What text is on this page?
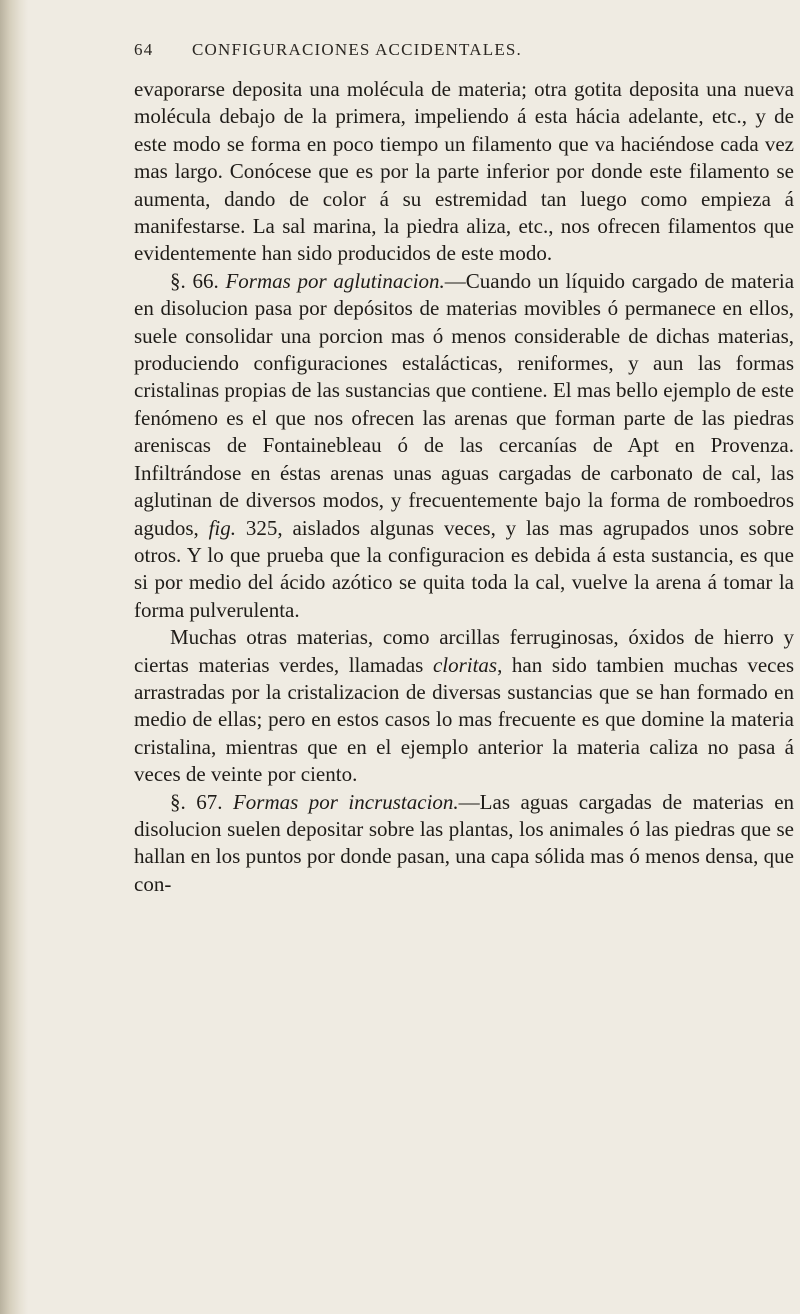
64	CONFIGURACIONES ACCIDENTALES.

evaporarse deposita una molécula de materia; otra gotita deposita una nueva molécula debajo de la primera, impeliendo á esta hácia adelante, etc., y de este modo se forma en poco tiempo un filamento que va haciéndose cada vez mas largo. Conócese que es por la parte inferior por donde este filamento se aumenta, dando de color á su estremidad tan luego como empieza á manifestarse. La sal marina, la piedra aliza, etc., nos ofrecen filamentos que evidentemente han sido producidos de este modo.

§. 66. Formas por aglutinacion.—Cuando un líquido cargado de materia en disolucion pasa por depósitos de materias movibles ó permanece en ellos, suele consolidar una porcion mas ó menos considerable de dichas materias, produciendo configuraciones estalácticas, reniformes, y aun las formas cristalinas propias de las sustancias que contiene. El mas bello ejemplo de este fenómeno es el que nos ofrecen las arenas que forman parte de las piedras areniscas de Fontainebleau ó de las cercanías de Apt en Provenza. Infiltrándose en éstas arenas unas aguas cargadas de carbonato de cal, las aglutinan de diversos modos, y frecuentemente bajo la forma de romboedros agudos, fig. 325, aislados algunas veces, y las mas agrupados unos sobre otros. Y lo que prueba que la configuracion es debida á esta sustancia, es que si por medio del ácido azótico se quita toda la cal, vuelve la arena á tomar la forma pulverulenta.

Muchas otras materias, como arcillas ferruginosas, óxidos de hierro y ciertas materias verdes, llamadas cloritas, han sido tambien muchas veces arrastradas por la cristalizacion de diversas sustancias que se han formado en medio de ellas; pero en estos casos lo mas frecuente es que domine la materia cristalina, mientras que en el ejemplo anterior la materia caliza no pasa á veces de veinte por ciento.

§. 67. Formas por incrustacion.—Las aguas cargadas de materias en disolucion suelen depositar sobre las plantas, los animales ó las piedras que se hallan en los puntos por donde pasan, una capa sólida mas ó menos densa, que con-
